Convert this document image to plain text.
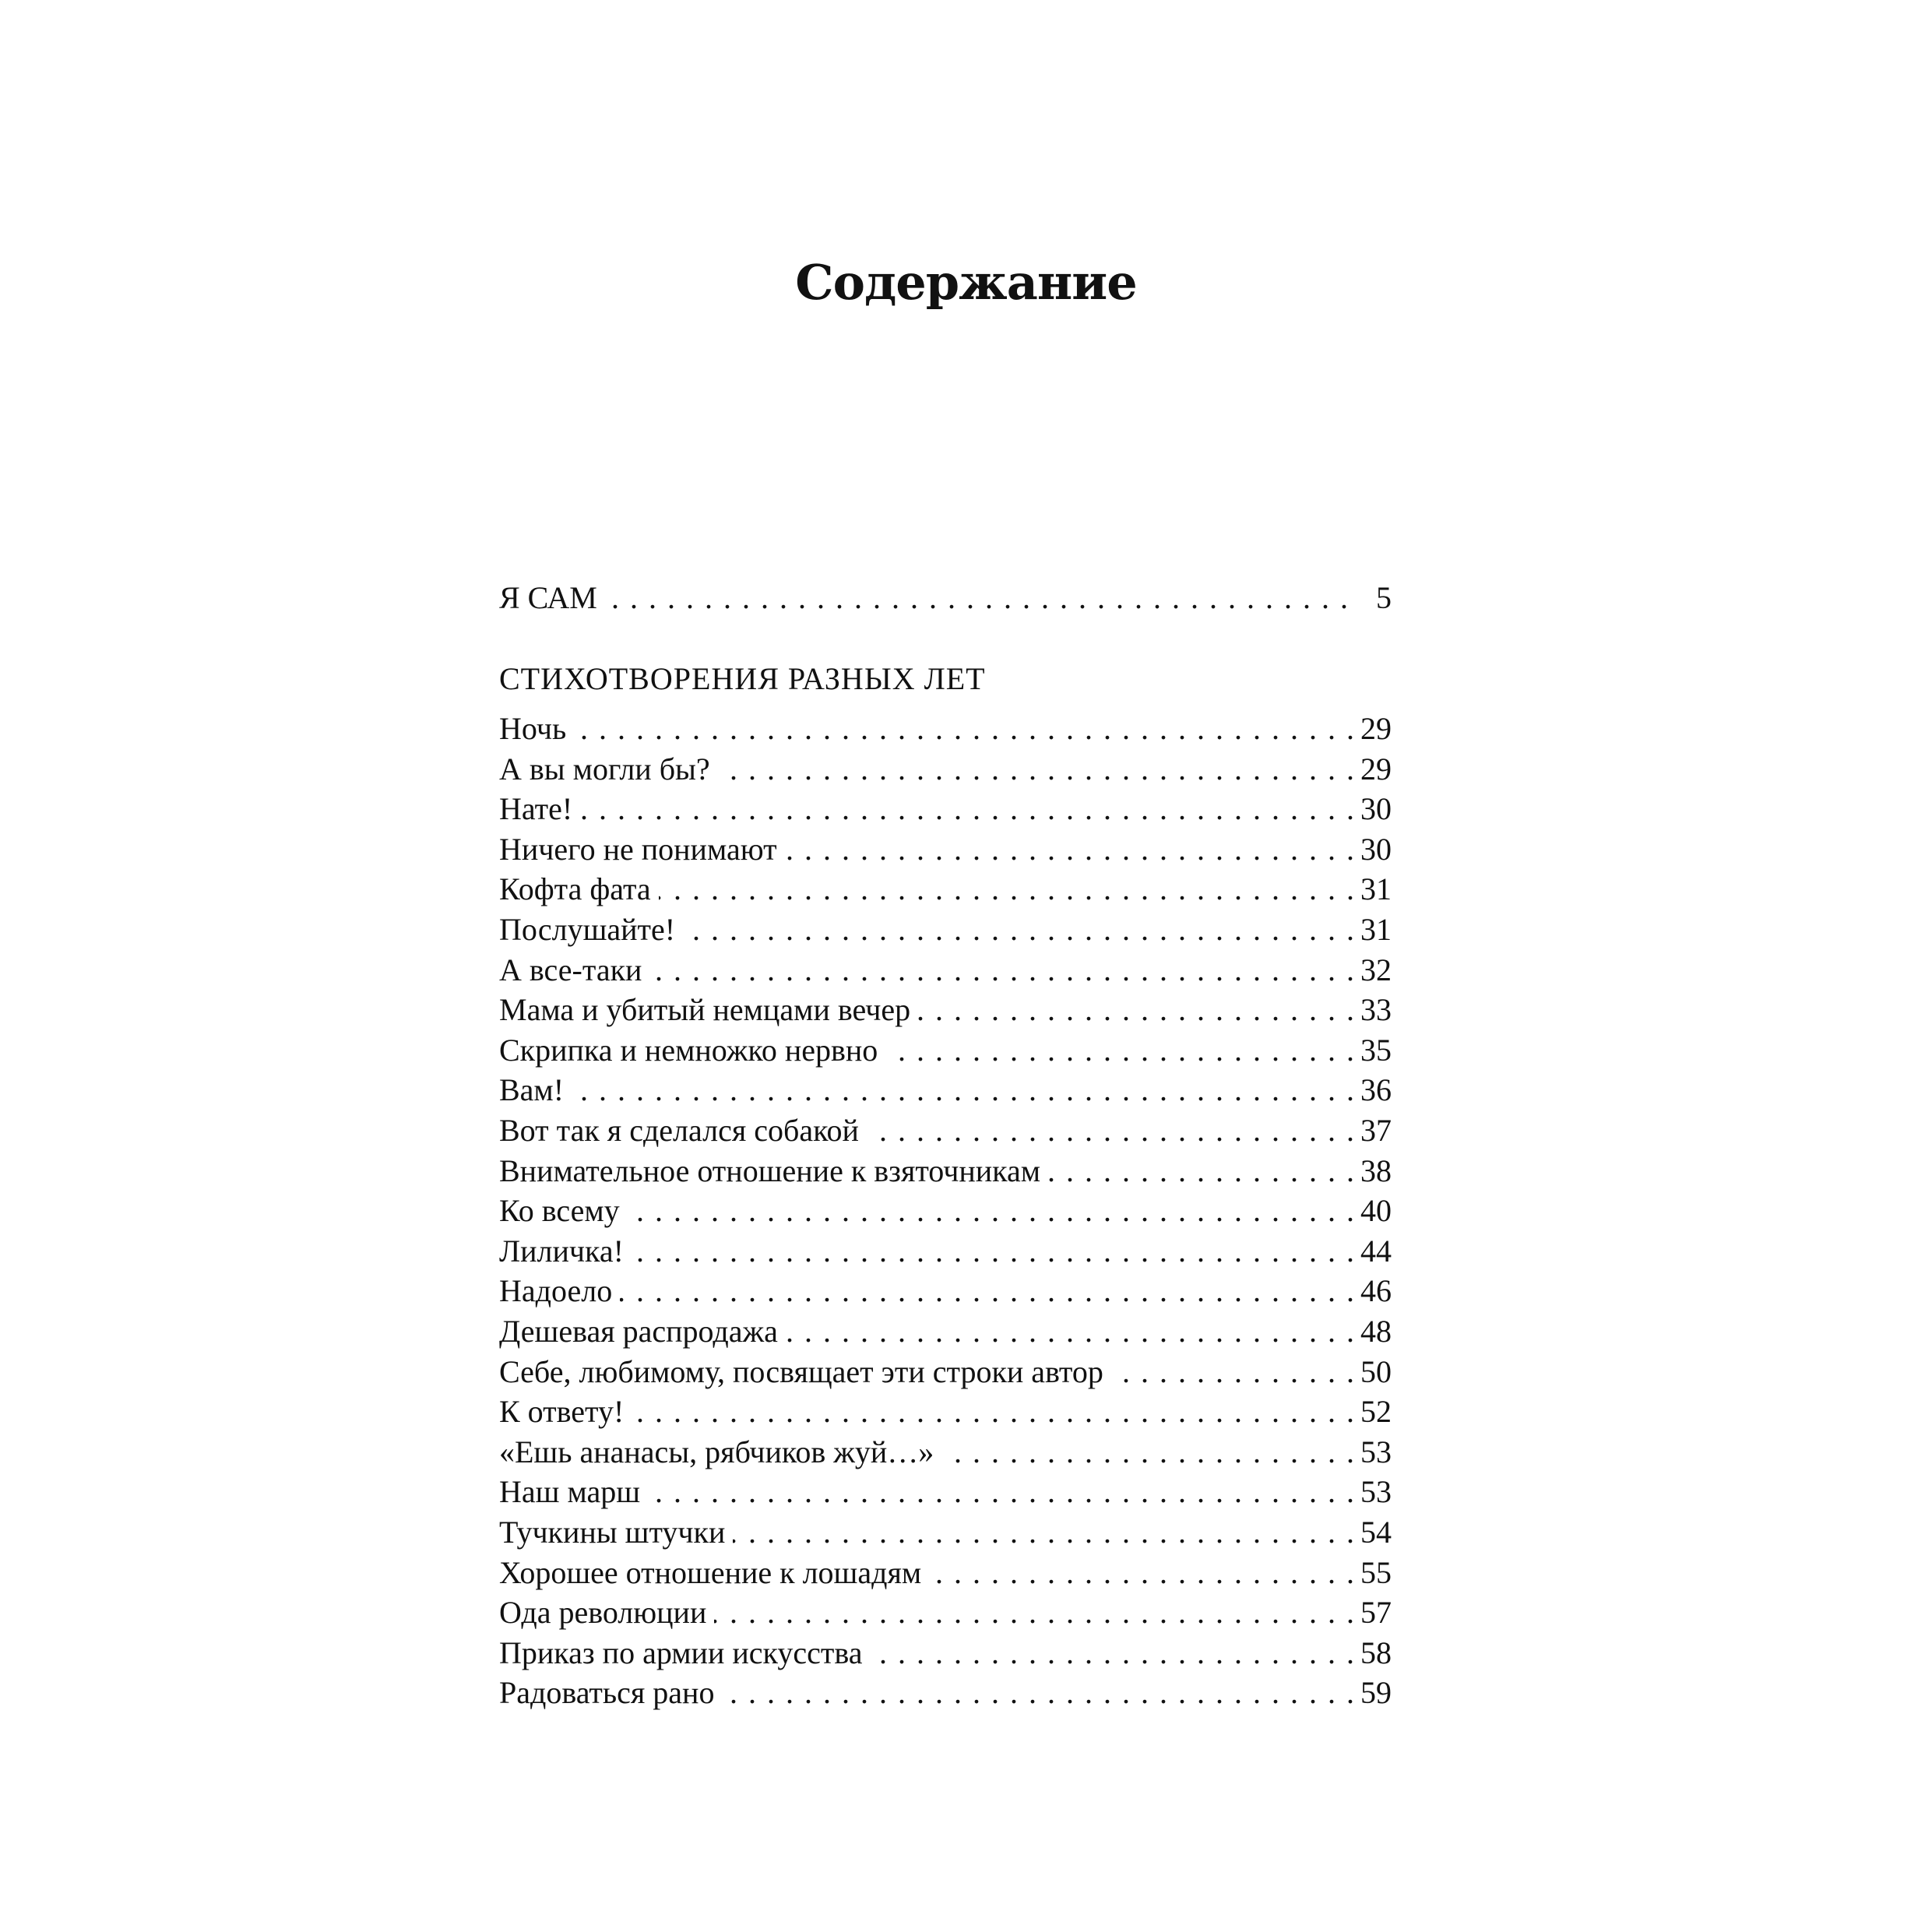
Содержание
Я САМ . . .	5
СТИХОТВОРЕНИЯ РАЗНЫХ ЛЕТ
Ночь . . .	29
А вы могли бы? . . .	29
Нате! . . .	30
Ничего не понимают . . .	30
Кофта фата . . .	31
Послушайте! . . .	31
А все-таки . . .	32
Мама и убитый немцами вечер . . .	33
Скрипка и немножко нервно . . .	35
Вам! . . .	36
Вот так я сделался собакой . . .	37
Внимательное отношение к взяточникам . . .	38
Ко всему . . .	40
Лиличка! . . .	44
Надоело . . .	46
Дешевая распродажа . . .	48
Себе, любимому, посвящает эти строки автор . . .	50
К ответу! . . .	52
«Ешь ананасы, рябчиков жуй…» . . .	53
Наш марш . . .	53
Тучкины штучки . . .	54
Хорошее отношение к лошадям . . .	55
Ода революции . . .	57
Приказ по армии искусства . . .	58
Радоваться рано . . .	59
